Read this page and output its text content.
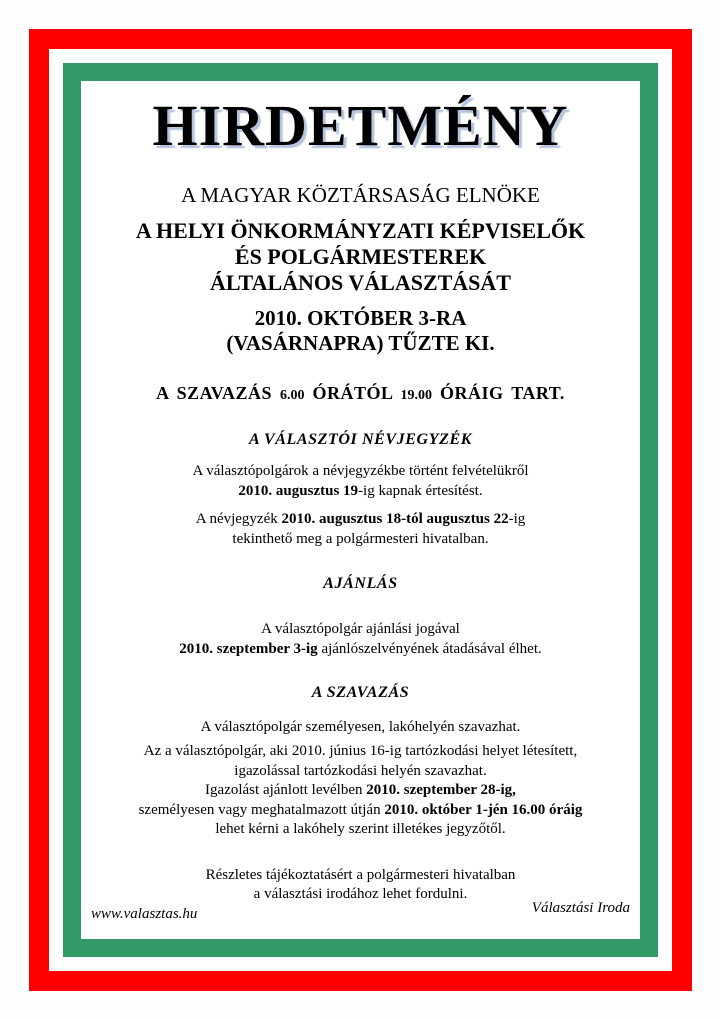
HIRDETMÉNY
A MAGYAR KÖZTÁRSASÁG ELNÖKE
A HELYI ÖNKORMÁNYZATI KÉPVISELŐK
ÉS POLGÁRMESTEREK
ÁLTALÁNOS VÁLASZTÁSÁT
2010. OKTÓBER 3-RA
(VASÁRNAPRA) TŰZTE KI.
A SZAVAZÁS 6.00 ÓRÁTÓL 19.00 ÓRÁIG TART.
A VÁLASZTÓI NÉVJEGYZÉK

A választópolgárok a névjegyzékbe történt felvételükről
2010. augusztus 19-ig kapnak értesítést.

A névjegyzék 2010. augusztus 18-tól augusztus 22-ig
tekinthető meg a polgármesteri hivatalban.

AJÁNLÁS

A választópolgár ajánlási jogával
2010. szeptember 3-ig ajánlószelvényének átadásával élhet.

A SZAVAZÁS

A választópolgár személyesen, lakóhelyén szavazhat.

Az a választópolgár, aki 2010. június 16-ig tartózkodási helyet létesített,
igazolással tartózkodási helyén szavazhat.
Igazolást ajánlott levélben 2010. szeptember 28-ig,
személyesen vagy meghatalmazott útján 2010. október 1-jén 16.00 óráig
lehet kérni a lakóhely szerint illetékes jegyzőtől.

Részletes tájékoztatásért a polgármesteri hivatalban
a választási irodához lehet fordulni.

www.valasztas.hu	Választási Iroda
